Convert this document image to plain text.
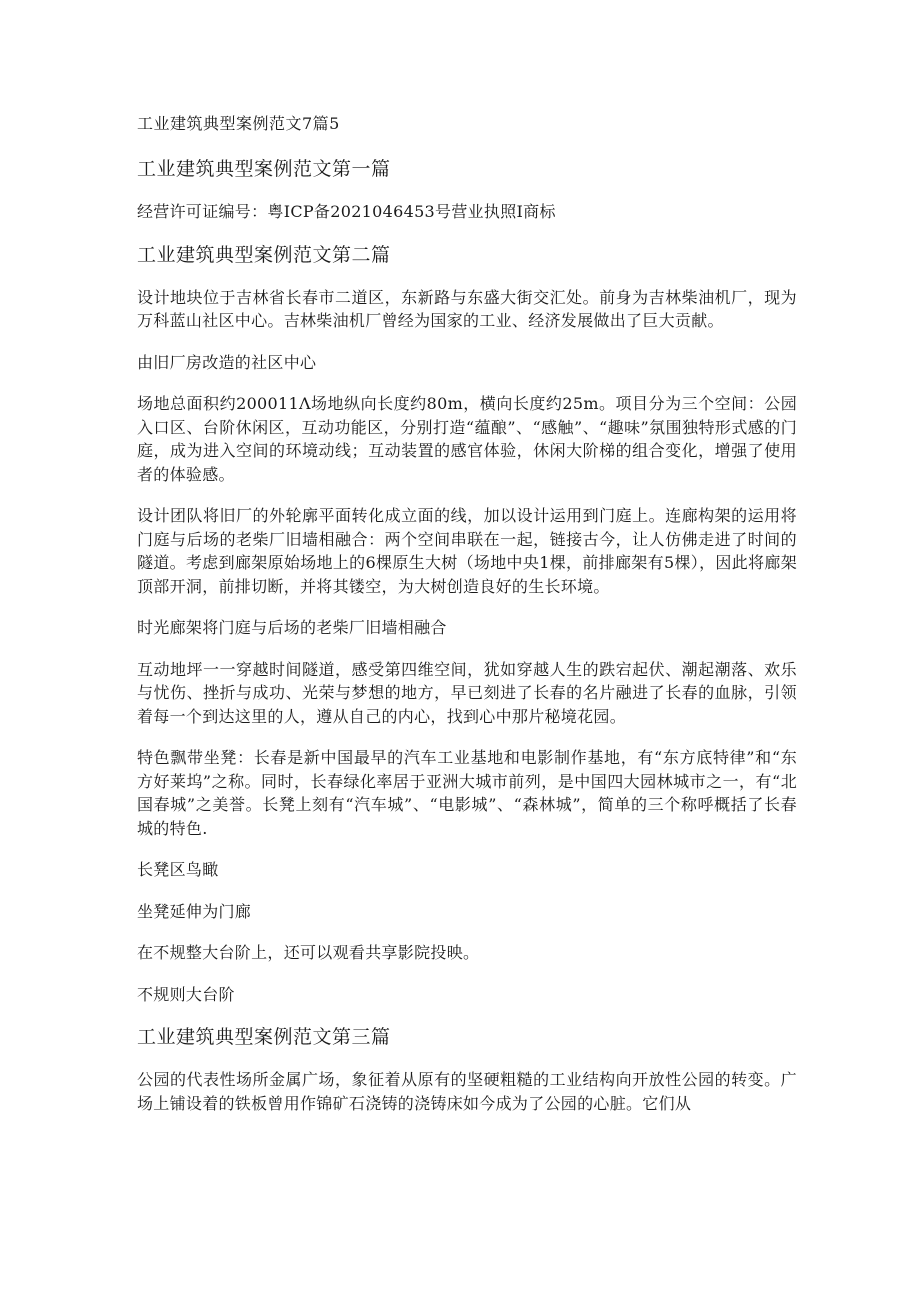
工业建筑典型案例范文7篇5
工业建筑典型案例范文第一篇

经营许可证编号：粤ICP备2021046453号营业执照I商标

工业建筑典型案例范文第二篇

设计地块位于吉林省长春市二道区，东新路与东盛大街交汇处。前身为吉林柴油机厂，现为万科蓝山社区中心。吉林柴油机厂曾经为国家的工业、经济发展做出了巨大贡献。

由旧厂房改造的社区中心

场地总面积约200011Λ场地纵向长度约80m，横向长度约25m。项目分为三个空间：公园入口区、台阶休闲区，互动功能区，分别打造“蕴酿”、“感触”、“趣味”氛围独特形式感的门庭，成为进入空间的环境动线；互动装置的感官体验，休闲大阶梯的组合变化，增强了使用者的体验感。

设计团队将旧厂的外轮廓平面转化成立面的线，加以设计运用到门庭上。连廊构架的运用将门庭与后场的老柴厂旧墙相融合：两个空间串联在一起，链接古今，让人仿佛走进了时间的隧道。考虑到廊架原始场地上的6棵原生大树（场地中央1棵，前排廊架有5棵），因此将廊架顶部开洞，前排切断，并将其镂空，为大树创造良好的生长环境。

时光廊架将门庭与后场的老柴厂旧墙相融合

互动地坪一一穿越时间隧道，感受第四维空间，犹如穿越人生的跌宕起伏、潮起潮落、欢乐与忧伤、挫折与成功、光荣与梦想的地方，早已刻进了长春的名片融进了长春的血脉，引领着每一个到达这里的人，遵从自己的内心，找到心中那片秘境花园。

特色飘带坐凳：长春是新中国最早的汽车工业基地和电影制作基地，有“东方底特律”和“东方好莱坞”之称。同时，长春绿化率居于亚洲大城市前列，是中国四大园林城市之一，有“北国春城”之美誉。长凳上刻有“汽车城”、“电影城”、“森林城”，简单的三个称呼概括了长春城的特色.

长凳区鸟瞰

坐凳延伸为门廊

在不规整大台阶上，还可以观看共享影院投映。

不规则大台阶

工业建筑典型案例范文第三篇

公园的代表性场所金属广场，象征着从原有的坚硬粗糙的工业结构向开放性公园的转变。广场上铺设着的铁板曾用作锦矿石浇铸的浇铸床如今成为了公园的心脏。它们从
